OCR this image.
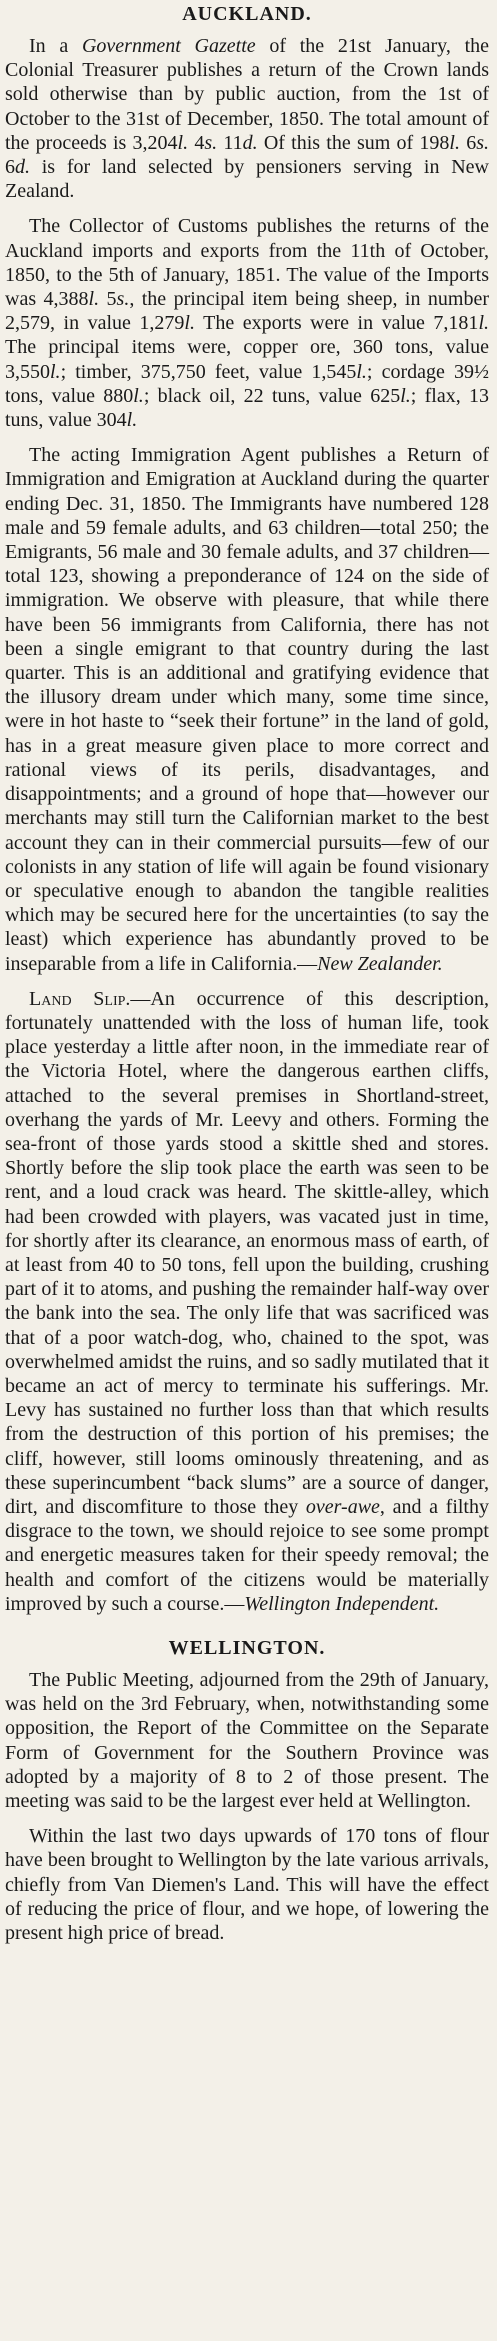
AUCKLAND.

In a Government Gazette of the 21st January, the Colonial Treasurer publishes a return of the Crown lands sold otherwise than by public auction, from the 1st of October to the 31st of December, 1850. The total amount of the proceeds is 3,204l. 4s. 11d. Of this the sum of 198l. 6s. 6d. is for land selected by pensioners serving in New Zealand.

The Collector of Customs publishes the returns of the Auckland imports and exports from the 11th of October, 1850, to the 5th of January, 1851. The value of the Imports was 4,388l. 5s., the principal item being sheep, in number 2,579, in value 1,279l. The exports were in value 7,181l. The principal items were, copper ore, 360 tons, value 3,550l.; timber, 375,750 feet, value 1,545l.; cordage 39½ tons, value 880l.; black oil, 22 tuns, value 625l.; flax, 13 tuns, value 304l.

The acting Immigration Agent publishes a Return of Immigration and Emigration at Auckland during the quarter ending Dec. 31, 1850. The Immigrants have numbered 128 male and 59 female adults, and 63 children—total 250; the Emigrants, 56 male and 30 female adults, and 37 children—total 123, showing a preponderance of 124 on the side of immigration. We observe with pleasure, that while there have been 56 immigrants from California, there has not been a single emigrant to that country during the last quarter. This is an additional and gratifying evidence that the illusory dream under which many, some time since, were in hot haste to “seek their fortune” in the land of gold, has in a great measure given place to more correct and rational views of its perils, disadvantages, and disappointments; and a ground of hope that—however our merchants may still turn the Californian market to the best account they can in their commercial pursuits—few of our colonists in any station of life will again be found visionary or speculative enough to abandon the tangible realities which may be secured here for the uncertainties (to say the least) which experience has abundantly proved to be inseparable from a life in California.—New Zealander.

Land Slip.—An occurrence of this description, fortunately unattended with the loss of human life, took place yesterday a little after noon, in the immediate rear of the Victoria Hotel, where the dangerous earthen cliffs, attached to the several premises in Shortland-street, overhang the yards of Mr. Leevy and others. Forming the sea-front of those yards stood a skittle shed and stores. Shortly before the slip took place the earth was seen to be rent, and a loud crack was heard. The skittle-alley, which had been crowded with players, was vacated just in time, for shortly after its clearance, an enormous mass of earth, of at least from 40 to 50 tons, fell upon the building, crushing part of it to atoms, and pushing the remainder half-way over the bank into the sea. The only life that was sacrificed was that of a poor watch-dog, who, chained to the spot, was overwhelmed amidst the ruins, and so sadly mutilated that it became an act of mercy to terminate his sufferings. Mr. Levy has sustained no further loss than that which results from the destruction of this portion of his premises; the cliff, however, still looms ominously threatening, and as these superincumbent “back slums” are a source of danger, dirt, and discomfiture to those they over-awe, and a filthy disgrace to the town, we should rejoice to see some prompt and energetic measures taken for their speedy removal; the health and comfort of the citizens would be materially improved by such a course.—Wellington Independent.

WELLINGTON.

The Public Meeting, adjourned from the 29th of January, was held on the 3rd February, when, notwithstanding some opposition, the Report of the Committee on the Separate Form of Government for the Southern Province was adopted by a majority of 8 to 2 of those present. The meeting was said to be the largest ever held at Wellington.

Within the last two days upwards of 170 tons of flour have been brought to Wellington by the late various arrivals, chiefly from Van Diemen's Land. This will have the effect of reducing the price of flour, and we hope, of lowering the present high price of bread.
